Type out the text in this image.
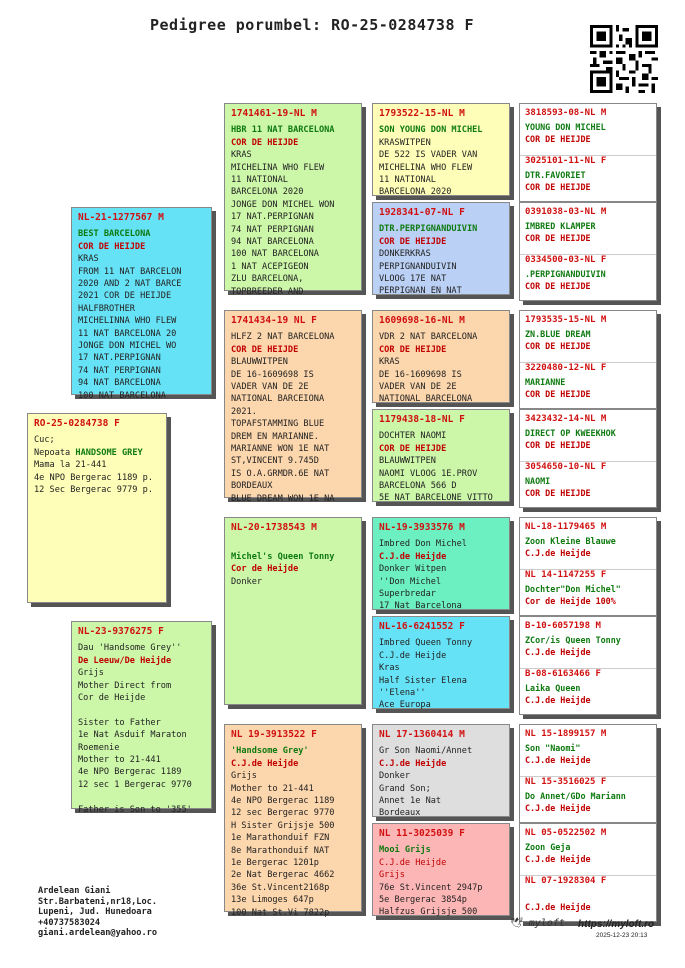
Pedigree porumbel: RO-25-0284738 F
RO-25-0284738 F
Cuc;
Nepoata HANDSOME GREY
Mama la 21-441
4e NPO Bergerac 1189 p.
12 Sec Bergerac 9779 p.
NL-21-1277567 M
BEST BARCELONA
COR DE HEIJDE
KRAS
FROM 11 NAT BARCELON
2020 AND 2 NAT BARCE
2021 COR DE HEIJDE
HALFBROTHER
MICHELINNA WHO FLEW
11 NAT BARCELONA 20
JONGE DON MICHEL WO
17 NAT.PERPIGNAN
74 NAT PERPIGNAN
94 NAT BARCELONA
100 NAT BARCELONA
NL-23-9376275 F
Dau 'Handsome Grey''
De Leeuw/De Heijde
Grijs
Mother Direct from
Cor de Heijde

Sister to Father
1e Nat Asduif Maraton
Roemenie
Mother to 21-441
4e NPO Bergerac 1189
12 sec 1 Bergerac 9770

Father is Son to '355'
1741461-19-NL M
HBR 11 NAT BARCELONA
COR DE HEIJDE
KRAS
MICHELINA WHO FLEW
11 NATIONAL
BARCELONA 2020
JONGE DON MICHEL WON
17 NAT.PERPIGNAN
74 NAT PERPIGNAN
94 NAT BARCELONA
100 NAT BARCELONA
1 NAT ACEPIGEON
ZLU BARCELONA,
TOPBREEDER AND
1741434-19 NL F
HLFZ 2 NAT BARCELONA
COR DE HEIJDE
BLAUWWITPEN
DE 16-1609698 IS
VADER VAN DE 2E
NATIONAL BARCEIONA
2021.
TOPAFSTAMMING BLUE
DREM EN MARIANNE.
MARIANNE WON 1E NAT
ST,VINCENT 9.745D
IS O.A.GRMDR.6E NAT
BORDEAUX
BLUE DREAM WON 1E NA
NL-20-1738543 M

Michel's Queen Tonny
Cor de Heijde
Donker
NL 19-3913522 F
'Handsome Grey'
C.J.de Heijde
Grijs
Mother to 21-441
4e NPO Bergerac 1189
12 sec Bergerac 9770
H Sister Grijsje 500
1e Marathonduif FZN
8e Marathonduif NAT
1e Bergerac 1201p
2e Nat Bergerac 4662
36e St.Vincent2168p
13e Limoges 647p
100 Nat St.Vi 7822p
1793522-15-NL M
SON YOUNG DON MICHEL
KRASWITPEN
DE 522 IS VADER VAN
MICHELINA WHO FLEW
11 NATIONAL
BARCELONA 2020
1928341-07-NL F
DTR.PERPIGNANDUIVIN
COR DE HEIJDE
DONKERKRAS
PERPIGNANDUIVIN
VLOOG 17E NAT
PERPIGNAN EN NAT
1609698-16-NL M
VDR 2 NAT BARCELONA
COR DE HEIJDE
KRAS
DE 16-1609698 IS
VADER VAN DE 2E
NATIONAL BARCELONA
1179438-18-NL F
DOCHTER NAOMI
COR DE HEIJDE
BLAUWWITPEN
NAOMI VLOOG 1E.PROV
BARCELONA 566 D
5E NAT BARCELONE VITTO
NL-19-3933576 M
Imbred Don Michel
C.J.de Heijde
Donker Witpen
''Don Michel
Superbredar
17 Nat Barcelona
NL-16-6241552 F
Imbred Queen Tonny
C.J.de Heijde
Kras
Half Sister Elena
''Elena''
Ace Europa
NL 17-1360414 M
Gr Son Naomi/Annet
C.J.de Heijde
Donker
Grand Son;
Annet 1e Nat
Bordeaux
NL 11-3025039 F
Mooi Grijs
C.J.de Heijde
Grijs
76e St.Vincent 2947p
5e Bergerac 3854p
Halfzus Grijsje 500
3818593-08-NL M
YOUNG DON MICHEL
COR DE HEIJDE
3025101-11-NL F
DTR.FAVORIET
COR DE HEIJDE
0391038-03-NL M
IMBRED KLAMPER
COR DE HEIJDE
0334500-03-NL F
.PERPIGNANDUIVIN
COR DE HEIJDE
1793535-15-NL M
ZN.BLUE DREAM
COR DE HEIJDE
3220480-12-NL F
MARIANNE
COR DE HEIJDE
3423432-14-NL M
DIRECT OP KWEEKHOK
COR DE HEIJDE
3054650-10-NL F
NAOMI
COR DE HEIJDE
NL-18-1179465 M
Zoon Kleine Blauwe
C.J.de Heijde
NL 14-1147255 F
Dochter"Don Michel"
Cor de Heijde 100%
B-10-6057198 M
ZCor/is Queen Tonny
C.J.de Heijde
B-08-6163466 F
Laika Queen
C.J.de Heijde
NL 15-1899157 M
Son "Naomi"
C.J.de Heijde
NL 15-3516025 F
Do Annet/GDo Mariann
C.J.de Heijde
NL 05-0522502 M
Zoon Geja
C.J.de Heijde
NL 07-1928304 F

C.J.de Heijde
Ardelean Giani
Str.Barbateni,nr18,Loc.
Lupeni, Jud. Hunedoara
+40737583024
giani.ardelean@yahoo.ro
🕊 myloft https://myloft.ro
2025-12-23 20:13
